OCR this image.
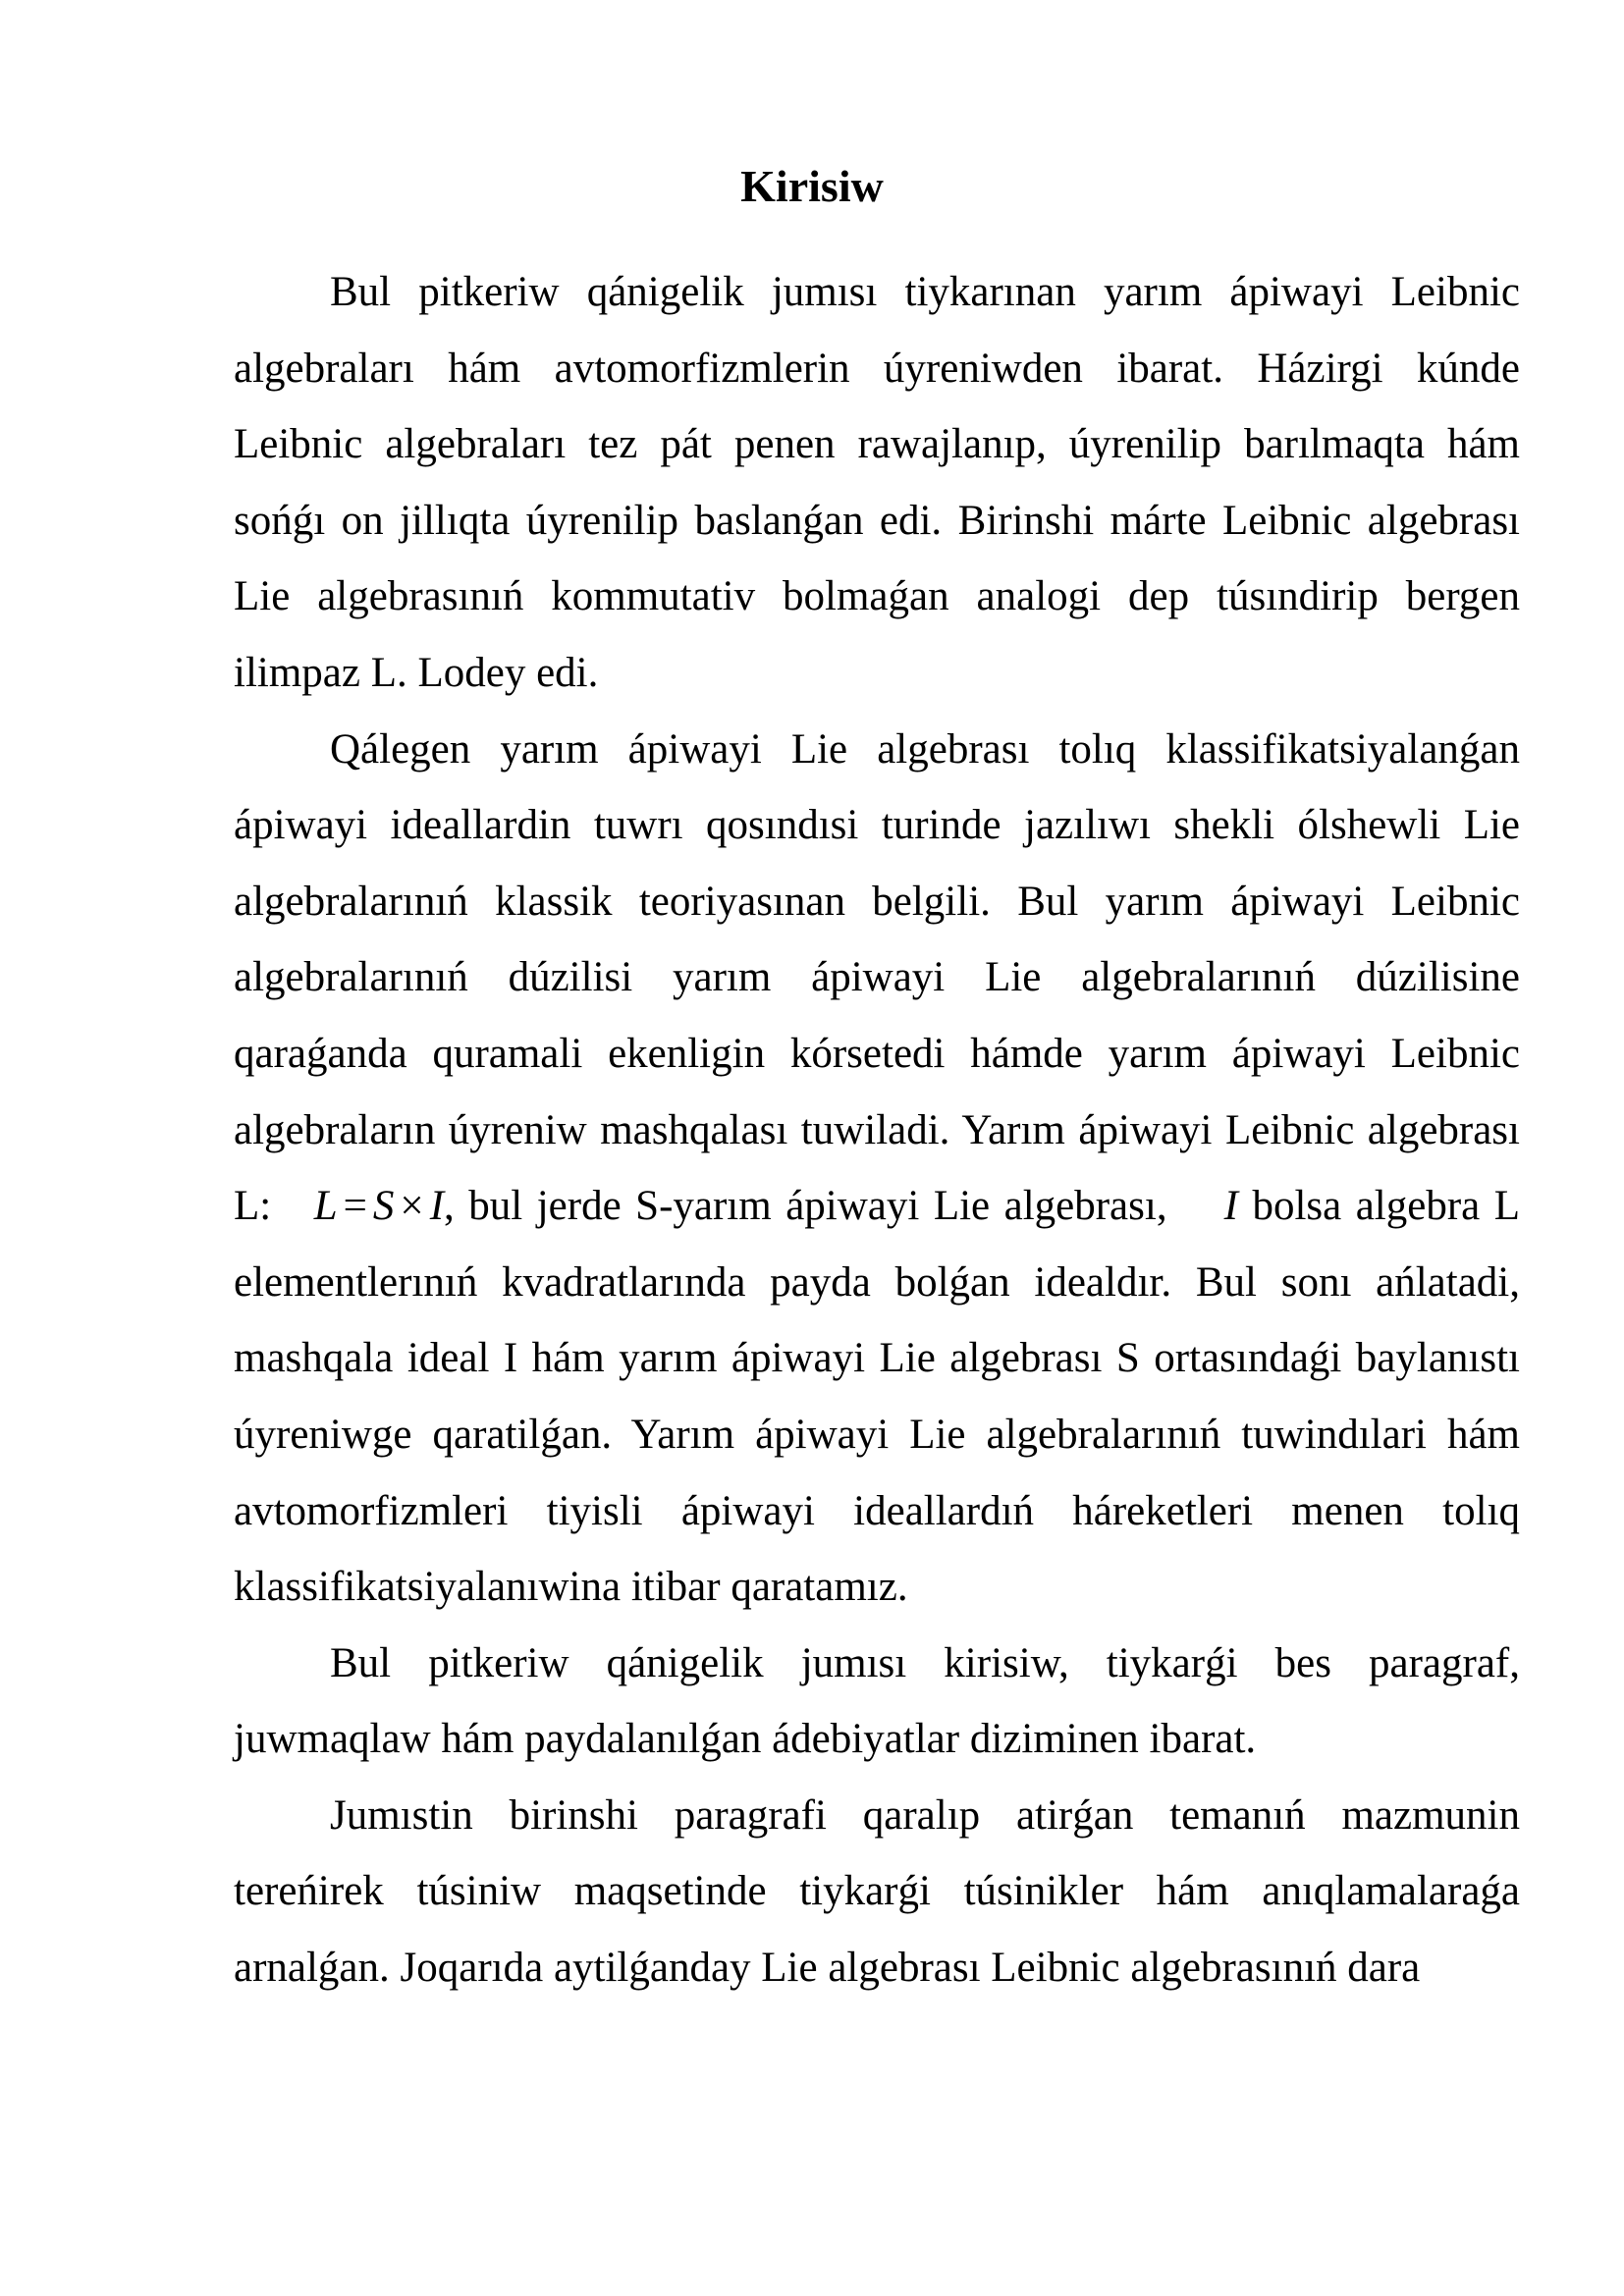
Kirisiw

Bul pitkeriw qánigelik jumısı tiykarınan yarım ápiwayi Leibnic algebraları hám avtomorfizmlerin úyreniwden ibarat. Házirgi kúnde Leibnic algebraları tez pát penen rawajlanıp, úyrenilip barılmaqta hám sońǵı on jillıqta úyrenilip baslanǵan edi. Birinshi márte Leibnic algebrası Lie algebrasınıń kommutativ bolmaǵan analogi dep túsındirip bergen ilimpaz L. Lodey edi.

Qálegen yarım ápiwayi Lie algebrası tolıq klassifikatsiyalanǵan ápiwayi ideallardin tuwrı qosındısi turinde jazılıwı shekli ólshewli Lie algebralarınıń klassik teoriyasınan belgili. Bul yarım ápiwayi Leibnic algebralarınıń dúzilisi yarım ápiwayi Lie algebralarınıń dúzilisine qaraǵanda quramali ekenligin kórsetedi hámde yarım ápiwayi Leibnic algebraların úyreniw mashqalası tuwiladi. Yarım ápiwayi Leibnic algebrası L: L = S × I, bul jerde S-yarım ápiwayi Lie algebrası, I bolsa algebra L elementlerınıń kvadratlarında payda bolǵan idealdır. Bul sonı ańlatadi, mashqala ideal I hám yarım ápiwayi Lie algebrası S ortasındaǵi baylanıstı úyreniwge qaratilǵan. Yarım ápiwayi Lie algebralarınıń tuwindılari hám avtomorfizmleri tiyisli ápiwayi ideallardıń háreketleri menen tolıq klassifikatsiyalanıwina itibar qaratamız.

Bul pitkeriw qánigelik jumısı kirisiw, tiykarǵi bes paragraf, juwmaqlaw hám paydalanılǵan ádebiyatlar diziminen ibarat.

Jumıstin birinshi paragrafi qaralıp atirǵan temanıń mazmunin tereńirek túsiniw maqsetinde tiykarǵi túsinikler hám anıqlamalaraǵa arnalǵan. Joqarıda aytilǵanday Lie algebrası Leibnic algebrasınıń dara
